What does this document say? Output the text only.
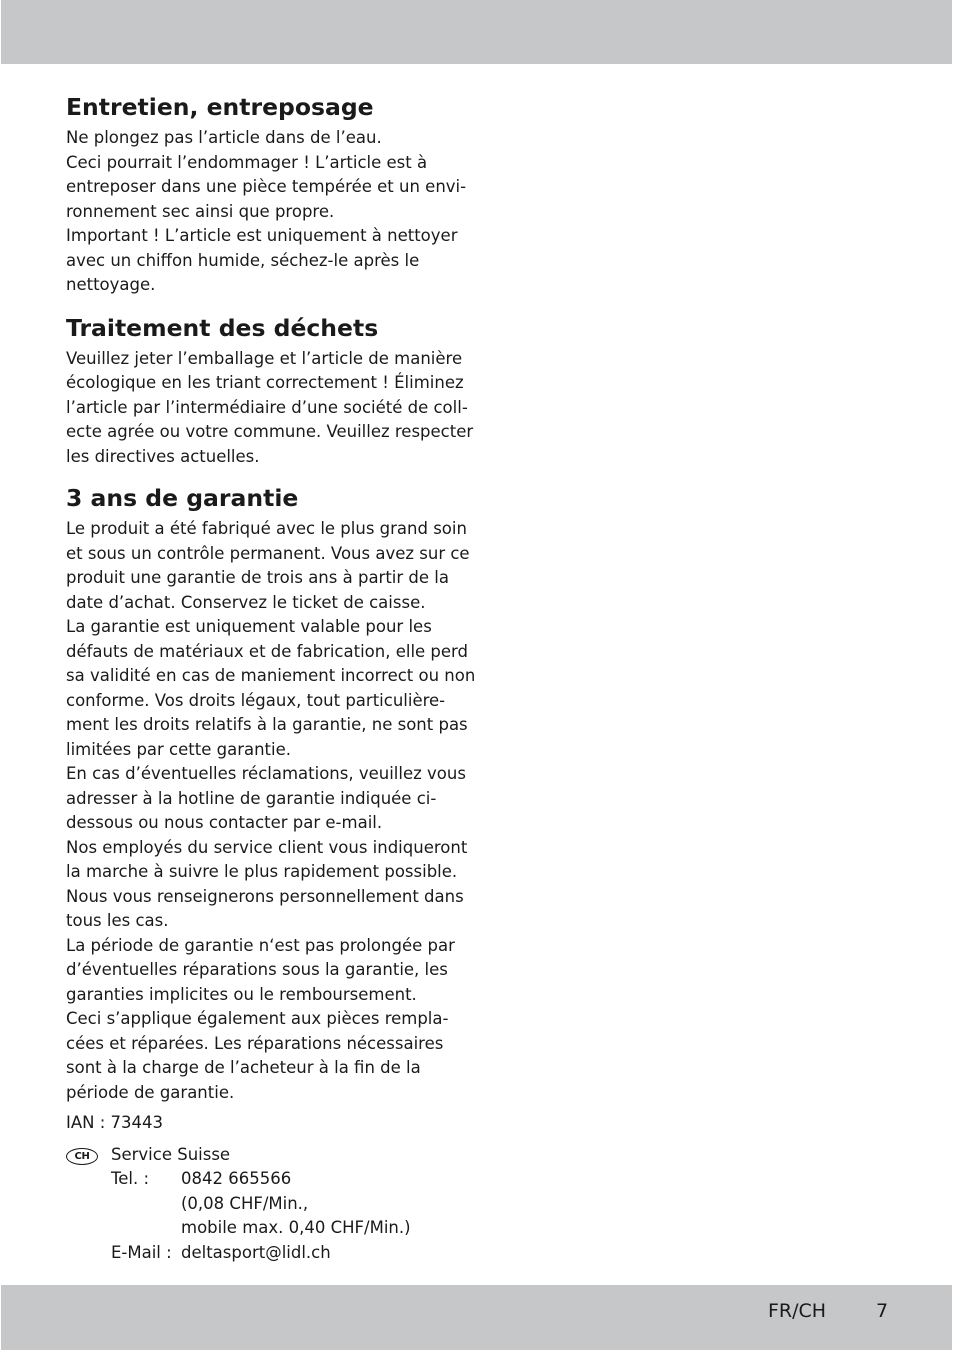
Entretien, entreposage
Ne plongez pas l’article dans de l’eau.
Ceci pourrait l’endommager ! L’article est à
entreposer dans une pièce tempérée et un envi-
ronnement sec ainsi que propre.
Important ! L’article est uniquement à nettoyer
avec un chiffon humide, séchez-le après le
nettoyage.
Traitement des déchets
Veuillez jeter l’emballage et l’article de manière
écologique en les triant correctement ! Éliminez
l’article par l’intermédiaire d’une société de coll-
ecte agrée ou votre commune. Veuillez respecter
les directives actuelles.
3 ans de garantie
Le produit a été fabriqué avec le plus grand soin
et sous un contrôle permanent. Vous avez sur ce
produit une garantie de trois ans à partir de la
date d’achat. Conservez le ticket de caisse.
La garantie est uniquement valable pour les
défauts de matériaux et de fabrication, elle perd
sa validité en cas de maniement incorrect ou non
conforme. Vos droits légaux, tout particulière-
ment les droits relatifs à la garantie, ne sont pas
limitées par cette garantie.
En cas d’éventuelles réclamations, veuillez vous
adresser à la hotline de garantie indiquée ci-
dessous ou nous contacter par e-mail.
Nos employés du service client vous indiqueront
la marche à suivre le plus rapidement possible.
Nous vous renseignerons personnellement dans
tous les cas.
La période de garantie n‘est pas prolongée par
d’éventuelles réparations sous la garantie, les
garanties implicites ou le remboursement.
Ceci s’applique également aux pièces rempla-
cées et réparées. Les réparations nécessaires
sont à la charge de l’acheteur à la fin de la
période de garantie.
IAN : 73443
CH	Service Suisse
Tel. : 0842 665566
(0,08 CHF/Min.,
mobile max. 0,40 CHF/Min.)
E-Mail : deltasport@lidl.ch
FR/CH	7
